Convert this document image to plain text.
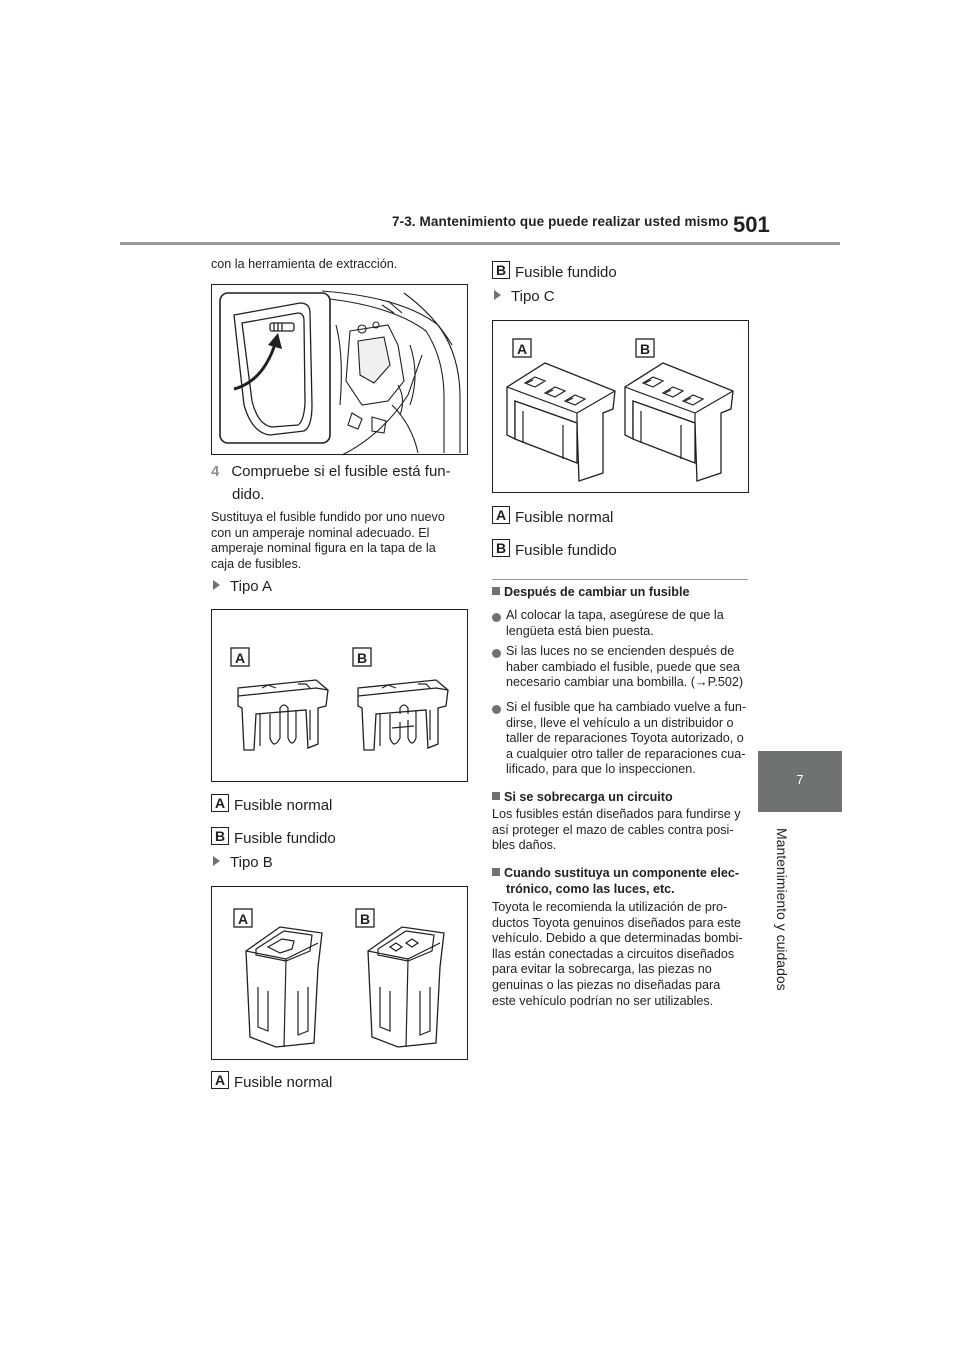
7-3. Mantenimiento que puede realizar usted mismo 501
7
Mantenimiento y cuidados
con la herramienta de extracción.
4 Compruebe si el fusible está fun-
dido.
Sustituya el fusible fundido por uno nuevo
con un amperaje nominal adecuado. El
amperaje nominal figura en la tapa de la
caja de fusibles.
Tipo A
A	B
A Fusible normal
B Fusible fundido
Tipo B
A	B
A Fusible normal
B Fusible fundido
Tipo C
A	B
A Fusible normal
B Fusible fundido
Después de cambiar un fusible
Al colocar la tapa, asegúrese de que la
lengüeta está bien puesta.
Si las luces no se encienden después de
haber cambiado el fusible, puede que sea
necesario cambiar una bombilla. (→P.502)
Si el fusible que ha cambiado vuelve a fun-
dirse, lleve el vehículo a un distribuidor o
taller de reparaciones Toyota autorizado, o
a cualquier otro taller de reparaciones cua-
lificado, para que lo inspeccionen.
Si se sobrecarga un circuito
Los fusibles están diseñados para fundirse y
así proteger el mazo de cables contra posi-
bles daños.
Cuando sustituya un componente elec-
trónico, como las luces, etc.
Toyota le recomienda la utilización de pro-
ductos Toyota genuinos diseñados para este
vehículo. Debido a que determinadas bombi-
llas están conectadas a circuitos diseñados
para evitar la sobrecarga, las piezas no
genuinas o las piezas no diseñadas para
este vehículo podrían no ser utilizables.
